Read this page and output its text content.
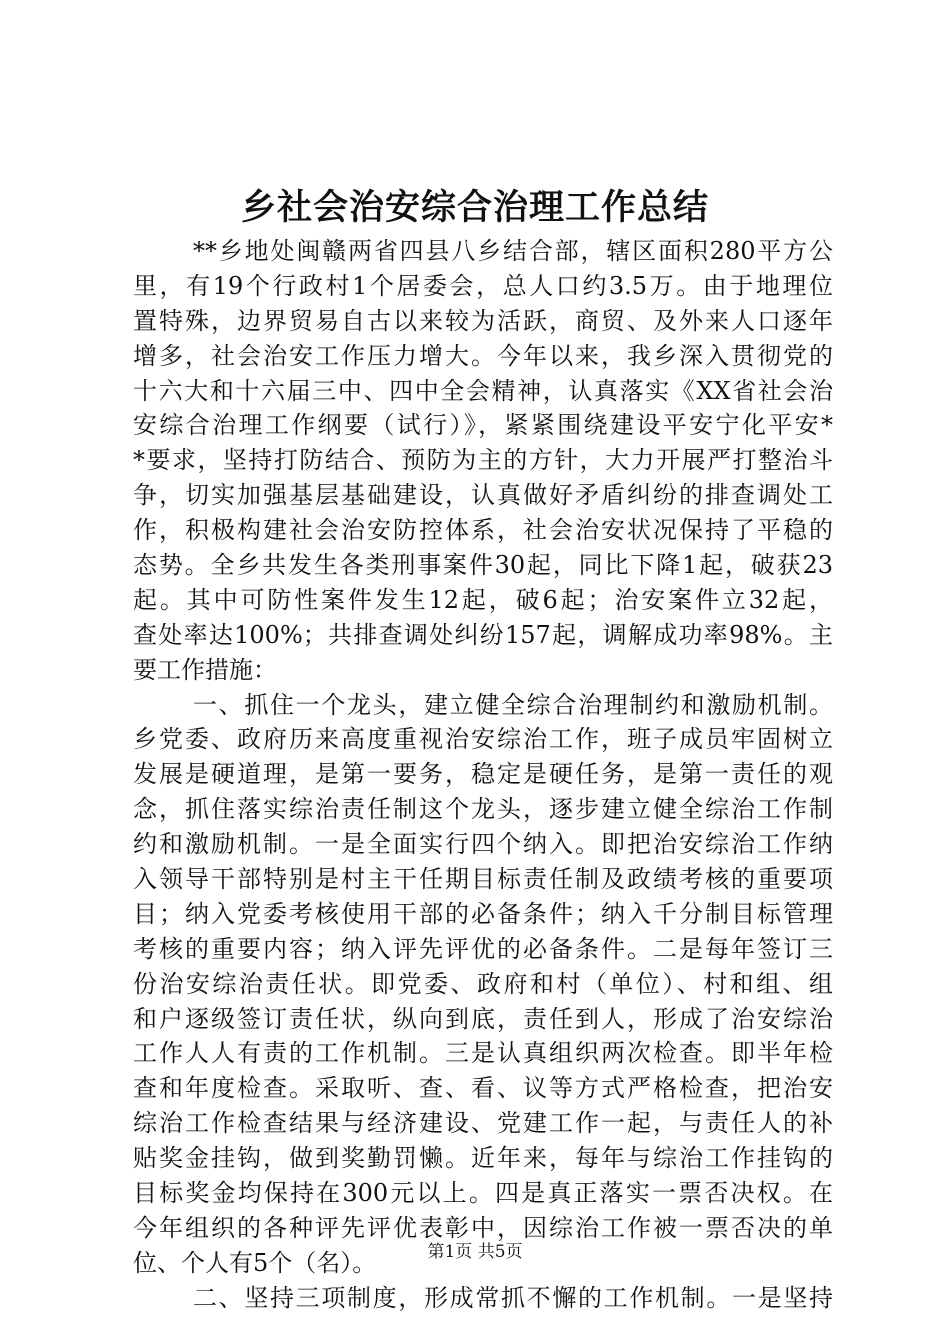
乡社会治安综合治理工作总结
**乡地处闽赣两省四县八乡结合部，辖区面积280平方公
里，有19个行政村1个居委会，总人口约3.5万。由于地理位
置特殊，边界贸易自古以来较为活跃，商贸、及外来人口逐年
增多，社会治安工作压力增大。今年以来，我乡深入贯彻党的
十六大和十六届三中、四中全会精神，认真落实《XX省社会治
安综合治理工作纲要（试行）》，紧紧围绕建设平安宁化平安*
*要求，坚持打防结合、预防为主的方针，大力开展严打整治斗
争，切实加强基层基础建设，认真做好矛盾纠纷的排查调处工
作，积极构建社会治安防控体系，社会治安状况保持了平稳的
态势。全乡共发生各类刑事案件30起，同比下降1起，破获23
起。其中可防性案件发生12起，破6起；治安案件立32起，
查处率达100%；共排查调处纠纷157起，调解成功率98%。主
要工作措施：
一、抓住一个龙头，建立健全综合治理制约和激励机制。
乡党委、政府历来高度重视治安综治工作，班子成员牢固树立
发展是硬道理，是第一要务，稳定是硬任务，是第一责任的观
念，抓住落实综治责任制这个龙头，逐步建立健全综治工作制
约和激励机制。一是全面实行四个纳入。即把治安综治工作纳
入领导干部特别是村主干任期目标责任制及政绩考核的重要项
目；纳入党委考核使用干部的必备条件；纳入千分制目标管理
考核的重要内容；纳入评先评优的必备条件。二是每年签订三
份治安综治责任状。即党委、政府和村（单位）、村和组、组
和户逐级签订责任状，纵向到底，责任到人，形成了治安综治
工作人人有责的工作机制。三是认真组织两次检查。即半年检
查和年度检查。采取听、查、看、议等方式严格检查，把治安
综治工作检查结果与经济建设、党建工作一起，与责任人的补
贴奖金挂钩，做到奖勤罚懒。近年来，每年与综治工作挂钩的
目标奖金均保持在300元以上。四是真正落实一票否决权。在
今年组织的各种评先评优表彰中，因综治工作被一票否决的单
位、个人有5个（名）。
二、坚持三项制度，形成常抓不懈的工作机制。一是坚持
第1页 共5页
